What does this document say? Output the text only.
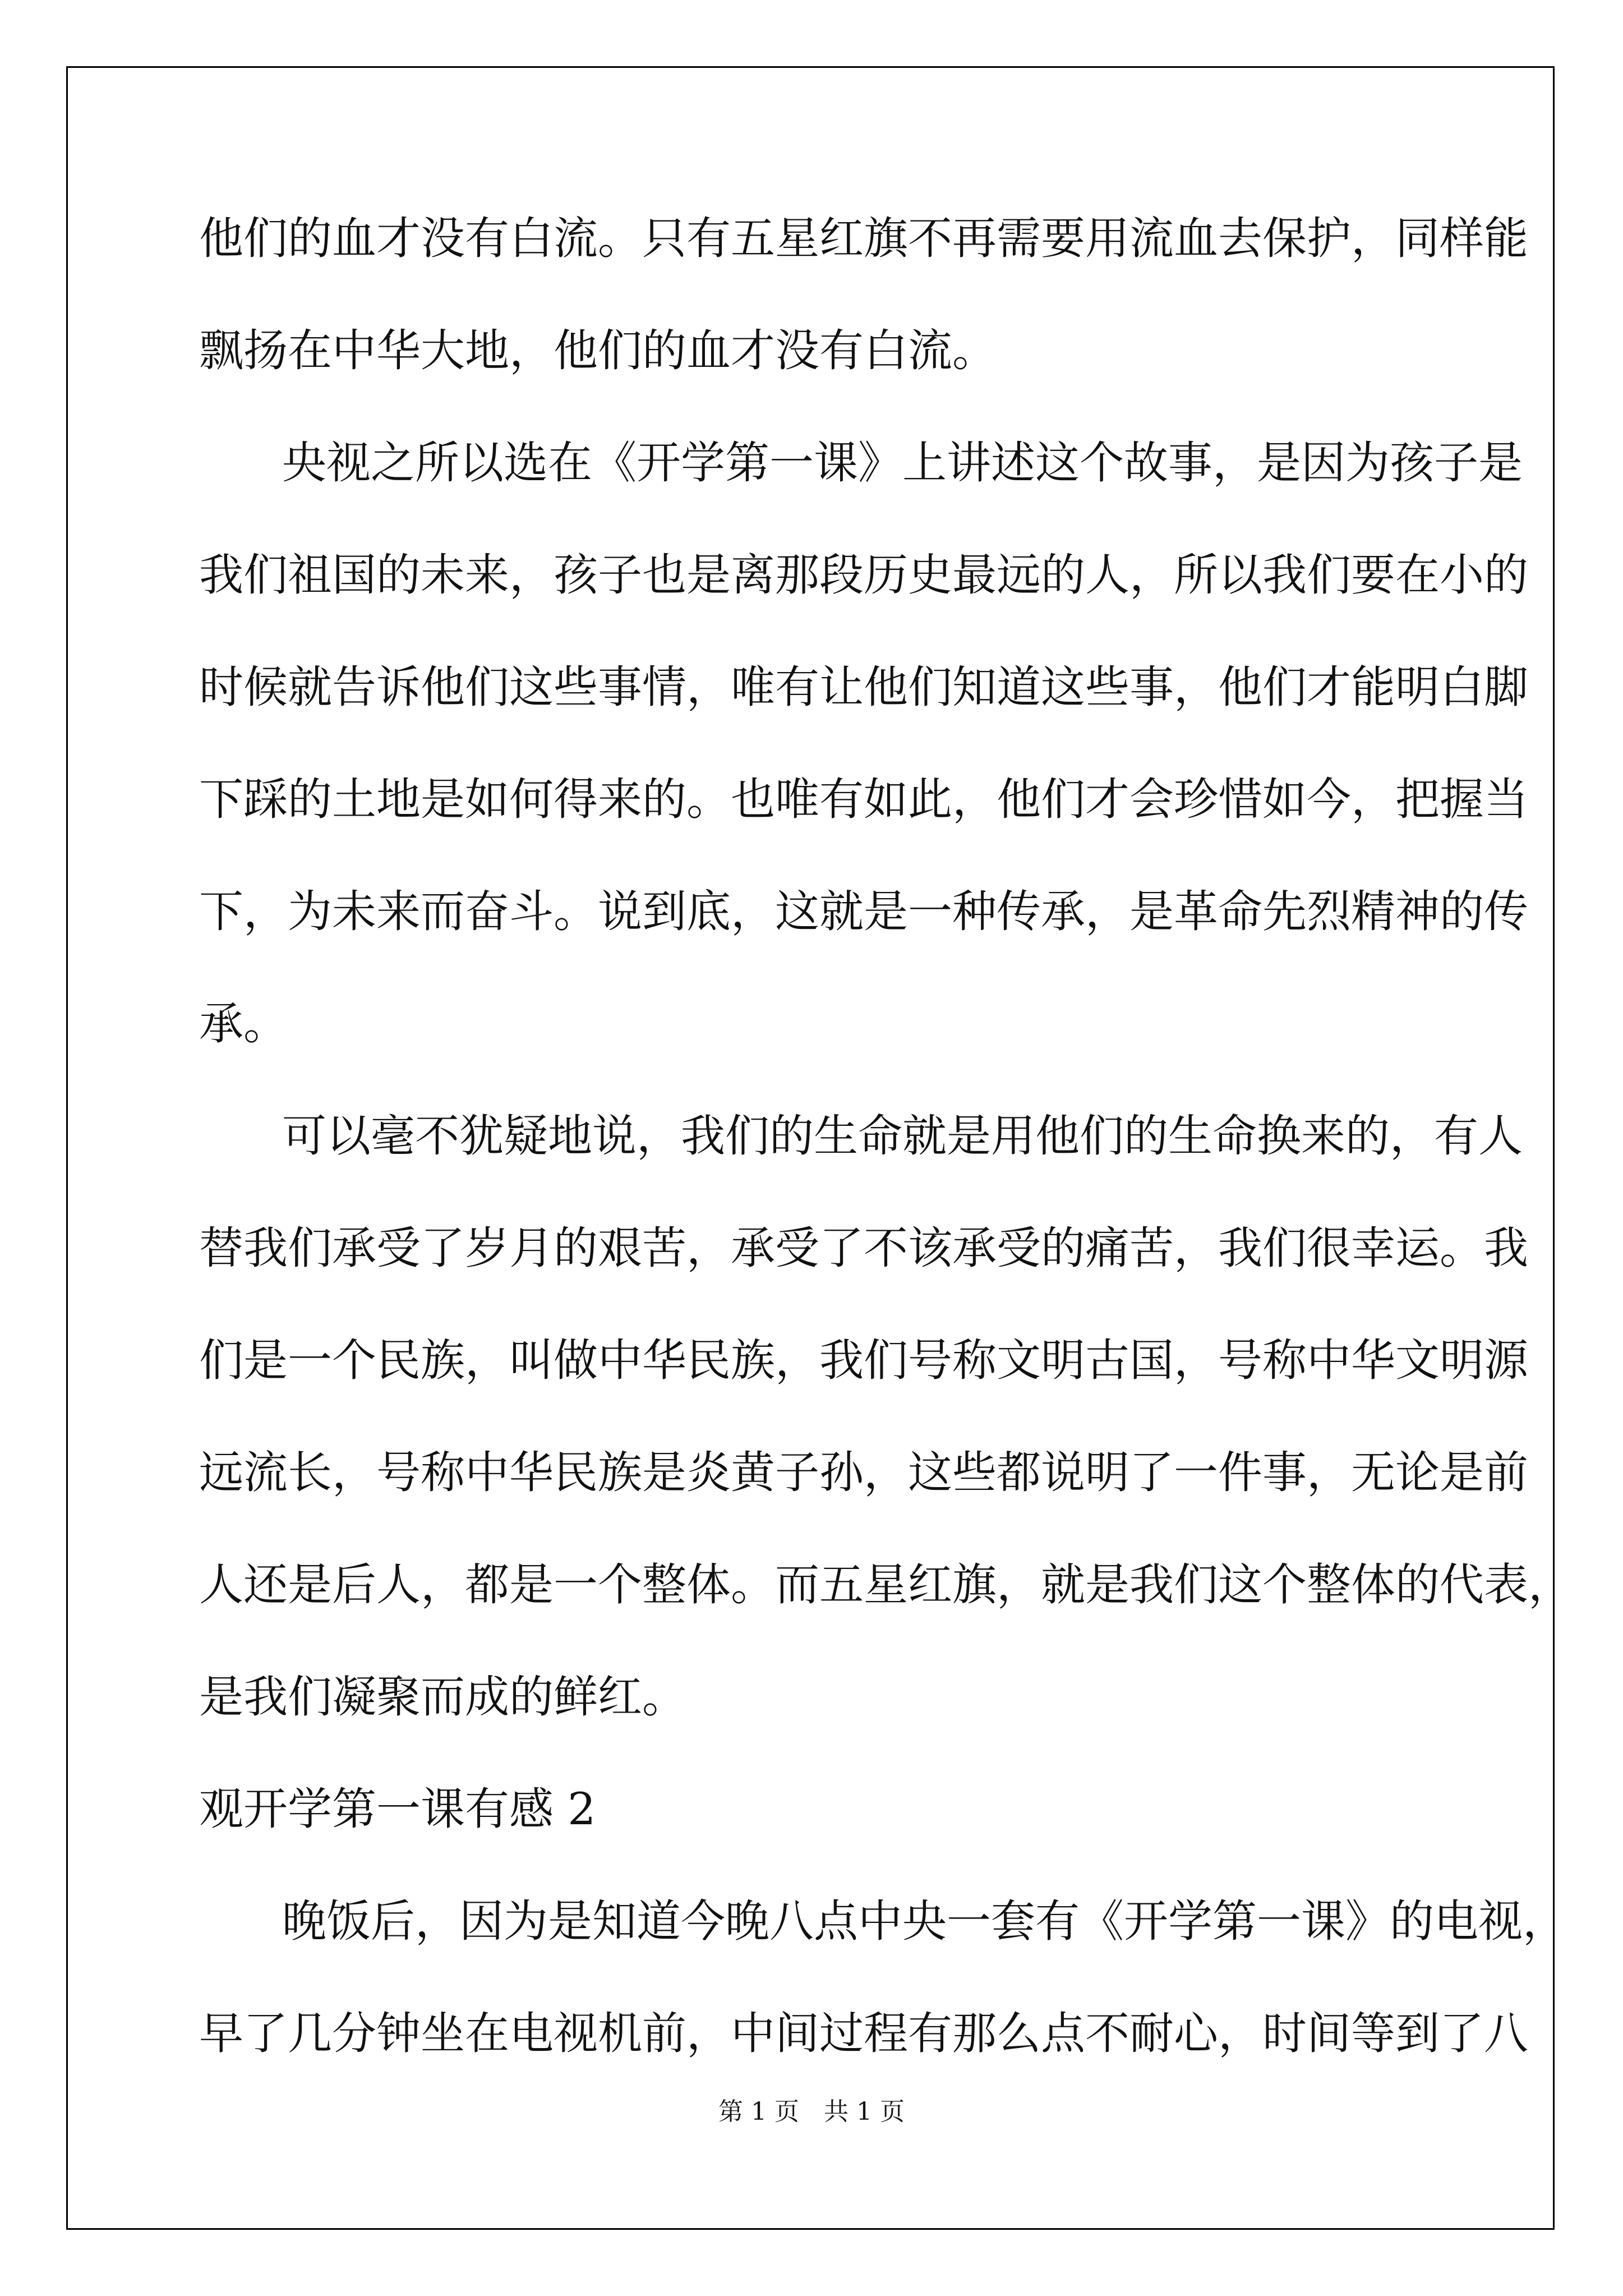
他们的血才没有白流。只有五星红旗不再需要用流血去保护，同样能
飘扬在中华大地，他们的血才没有白流。
央视之所以选在《开学第一课》上讲述这个故事，是因为孩子是
我们祖国的未来，孩子也是离那段历史最远的人，所以我们要在小的
时候就告诉他们这些事情，唯有让他们知道这些事，他们才能明白脚
下踩的土地是如何得来的。也唯有如此，他们才会珍惜如今，把握当
下，为未来而奋斗。说到底，这就是一种传承，是革命先烈精神的传
承。
可以毫不犹疑地说，我们的生命就是用他们的生命换来的，有人
替我们承受了岁月的艰苦，承受了不该承受的痛苦，我们很幸运。我
们是一个民族，叫做中华民族，我们号称文明古国，号称中华文明源
远流长，号称中华民族是炎黄子孙，这些都说明了一件事，无论是前
人还是后人，都是一个整体。而五星红旗，就是我们这个整体的代表，
是我们凝聚而成的鲜红。
观开学第一课有感 2
晚饭后，因为是知道今晚八点中央一套有《开学第一课》的电视，
早了几分钟坐在电视机前，中间过程有那么点不耐心，时间等到了八
第 1 页　共 1 页
